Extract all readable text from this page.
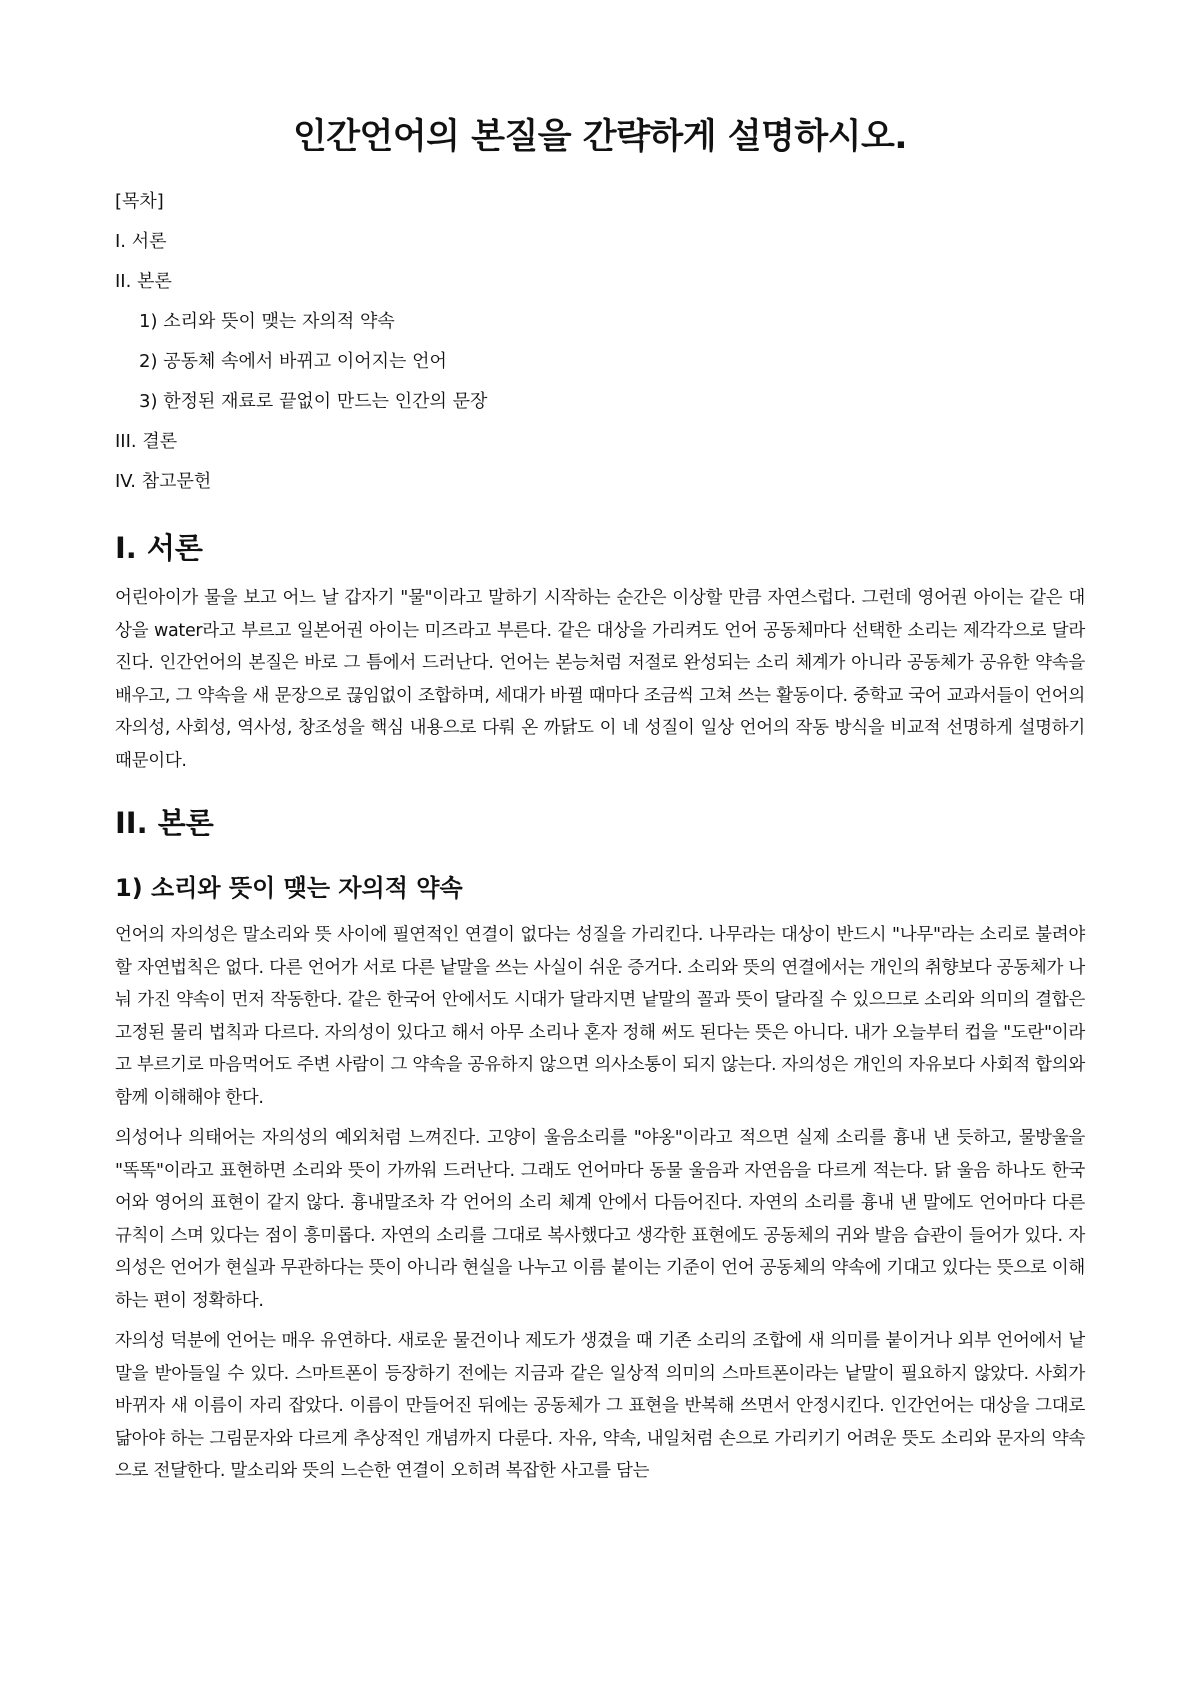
인간언어의 본질을 간략하게 설명하시오.
[목차]
I. 서론
II. 본론
1) 소리와 뜻이 맺는 자의적 약속
2) 공동체 속에서 바뀌고 이어지는 언어
3) 한정된 재료로 끝없이 만드는 인간의 문장
III. 결론
IV. 참고문헌
I. 서론

어린아이가 물을 보고 어느 날 갑자기 "물"이라고 말하기 시작하는 순간은 이상할 만큼 자연스럽다. 그런데 영어권 아이는 같은 대상을 water라고 부르고 일본어권 아이는 미즈라고 부른다. 같은 대상을 가리켜도 언어 공동체마다 선택한 소리는 제각각으로 달라진다. 인간언어의 본질은 바로 그 틈에서 드러난다. 언어는 본능처럼 저절로 완성되는 소리 체계가 아니라 공동체가 공유한 약속을 배우고, 그 약속을 새 문장으로 끊임없이 조합하며, 세대가 바뀔 때마다 조금씩 고쳐 쓰는 활동이다. 중학교 국어 교과서들이 언어의 자의성, 사회성, 역사성, 창조성을 핵심 내용으로 다뤄 온 까닭도 이 네 성질이 일상 언어의 작동 방식을 비교적 선명하게 설명하기 때문이다.

II. 본론
1) 소리와 뜻이 맺는 자의적 약속

언어의 자의성은 말소리와 뜻 사이에 필연적인 연결이 없다는 성질을 가리킨다. 나무라는 대상이 반드시 "나무"라는 소리로 불려야 할 자연법칙은 없다. 다른 언어가 서로 다른 낱말을 쓰는 사실이 쉬운 증거다. 소리와 뜻의 연결에서는 개인의 취향보다 공동체가 나눠 가진 약속이 먼저 작동한다. 같은 한국어 안에서도 시대가 달라지면 낱말의 꼴과 뜻이 달라질 수 있으므로 소리와 의미의 결합은 고정된 물리 법칙과 다르다. 자의성이 있다고 해서 아무 소리나 혼자 정해 써도 된다는 뜻은 아니다. 내가 오늘부터 컵을 "도란"이라고 부르기로 마음먹어도 주변 사람이 그 약속을 공유하지 않으면 의사소통이 되지 않는다. 자의성은 개인의 자유보다 사회적 합의와 함께 이해해야 한다.

의성어나 의태어는 자의성의 예외처럼 느껴진다. 고양이 울음소리를 "야옹"이라고 적으면 실제 소리를 흉내 낸 듯하고, 물방울을 "똑똑"이라고 표현하면 소리와 뜻이 가까워 드러난다. 그래도 언어마다 동물 울음과 자연음을 다르게 적는다. 닭 울음 하나도 한국어와 영어의 표현이 같지 않다. 흉내말조차 각 언어의 소리 체계 안에서 다듬어진다. 자연의 소리를 흉내 낸 말에도 언어마다 다른 규칙이 스며 있다는 점이 흥미롭다. 자연의 소리를 그대로 복사했다고 생각한 표현에도 공동체의 귀와 발음 습관이 들어가 있다. 자의성은 언어가 현실과 무관하다는 뜻이 아니라 현실을 나누고 이름 붙이는 기준이 언어 공동체의 약속에 기대고 있다는 뜻으로 이해하는 편이 정확하다.

자의성 덕분에 언어는 매우 유연하다. 새로운 물건이나 제도가 생겼을 때 기존 소리의 조합에 새 의미를 붙이거나 외부 언어에서 낱말을 받아들일 수 있다. 스마트폰이 등장하기 전에는 지금과 같은 일상적 의미의 스마트폰이라는 낱말이 필요하지 않았다. 사회가 바뀌자 새 이름이 자리 잡았다. 이름이 만들어진 뒤에는 공동체가 그 표현을 반복해 쓰면서 안정시킨다. 인간언어는 대상을 그대로 닮아야 하는 그림문자와 다르게 추상적인 개념까지 다룬다. 자유, 약속, 내일처럼 손으로 가리키기 어려운 뜻도 소리와 문자의 약속으로 전달한다. 말소리와 뜻의 느슨한 연결이 오히려 복잡한 사고를 담는
